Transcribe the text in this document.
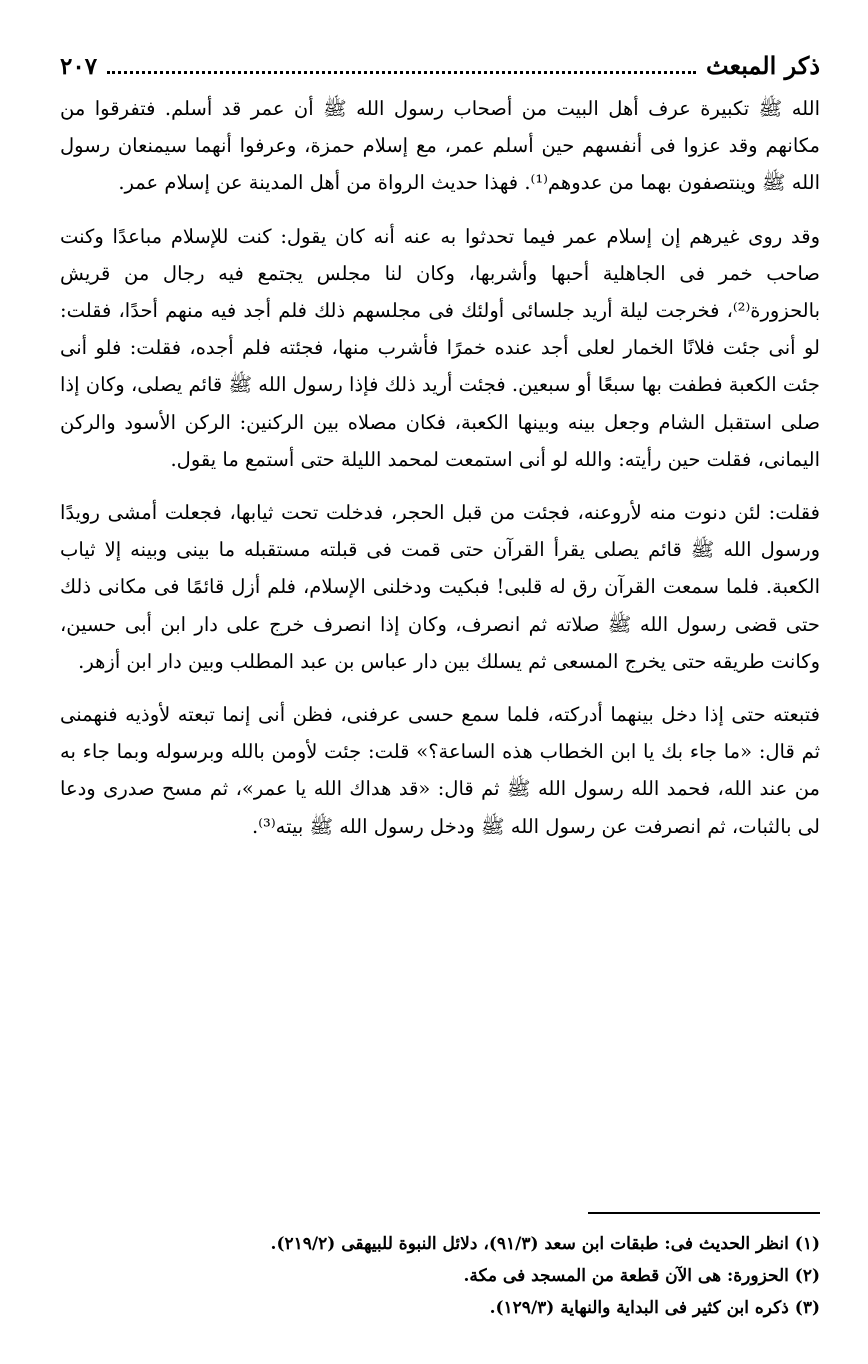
ذكر المبعث
٢٠٧

الله ﷺ تكبيرة عرف أهل البيت من أصحاب رسول الله ﷺ أن عمر قد أسلم. فتفرقوا من مكانهم وقد عزوا فى أنفسهم حين أسلم عمر، مع إسلام حمزة، وعرفوا أنهما سيمنعان رسول الله ﷺ وينتصفون بهما من عدوهم⁽¹⁾. فهذا حديث الرواة من أهل المدينة عن إسلام عمر.

وقد روى غيرهم إن إسلام عمر فيما تحدثوا به عنه أنه كان يقول: كنت للإسلام مباعدًا وكنت صاحب خمر فى الجاهلية أحبها وأشربها، وكان لنا مجلس يجتمع فيه رجال من قريش بالحزورة⁽²⁾، فخرجت ليلة أريد جلسائى أولئك فى مجلسهم ذلك فلم أجد فيه منهم أحدًا، فقلت: لو أنى جئت فلانًا الخمار لعلى أجد عنده خمرًا فأشرب منها، فجئته فلم أجده، فقلت: فلو أنى جئت الكعبة فطفت بها سبعًا أو سبعين. فجئت أريد ذلك فإذا رسول الله ﷺ قائم يصلى، وكان إذا صلى استقبل الشام وجعل بينه وبينها الكعبة، فكان مصلاه بين الركنين: الركن الأسود والركن اليمانى، فقلت حين رأيته: والله لو أنى استمعت لمحمد الليلة حتى أستمع ما يقول.

فقلت: لئن دنوت منه لأروعنه، فجئت من قبل الحجر، فدخلت تحت ثيابها، فجعلت أمشى رويدًا ورسول الله ﷺ قائم يصلى يقرأ القرآن حتى قمت فى قبلته مستقبله ما بينى وبينه إلا ثياب الكعبة. فلما سمعت القرآن رق له قلبى! فبكيت ودخلنى الإسلام، فلم أزل قائمًا فى مكانى ذلك حتى قضى رسول الله ﷺ صلاته ثم انصرف، وكان إذا انصرف خرج على دار ابن أبى حسين، وكانت طريقه حتى يخرج المسعى ثم يسلك بين دار عباس بن عبد المطلب وبين دار ابن أزهر.

فتبعته حتى إذا دخل بينهما أدركته، فلما سمع حسى عرفنى، فظن أنى إنما تبعته لأوذيه فنهمنى ثم قال: «ما جاء بك يا ابن الخطاب هذه الساعة؟» قلت: جئت لأومن بالله وبرسوله وبما جاء به من عند الله، فحمد الله رسول الله ﷺ ثم قال: «قد هداك الله يا عمر»، ثم مسح صدرى ودعا لى بالثبات، ثم انصرفت عن رسول الله ﷺ ودخل رسول الله ﷺ بيته⁽³⁾.

(١) انظر الحديث فى: طبقات ابن سعد (٩١/٣)، دلائل النبوة للبيهقى (٢١٩/٢).
(٢) الحزورة: هى الآن قطعة من المسجد فى مكة.
(٣) ذكره ابن كثير فى البداية والنهاية (١٢٩/٣).
